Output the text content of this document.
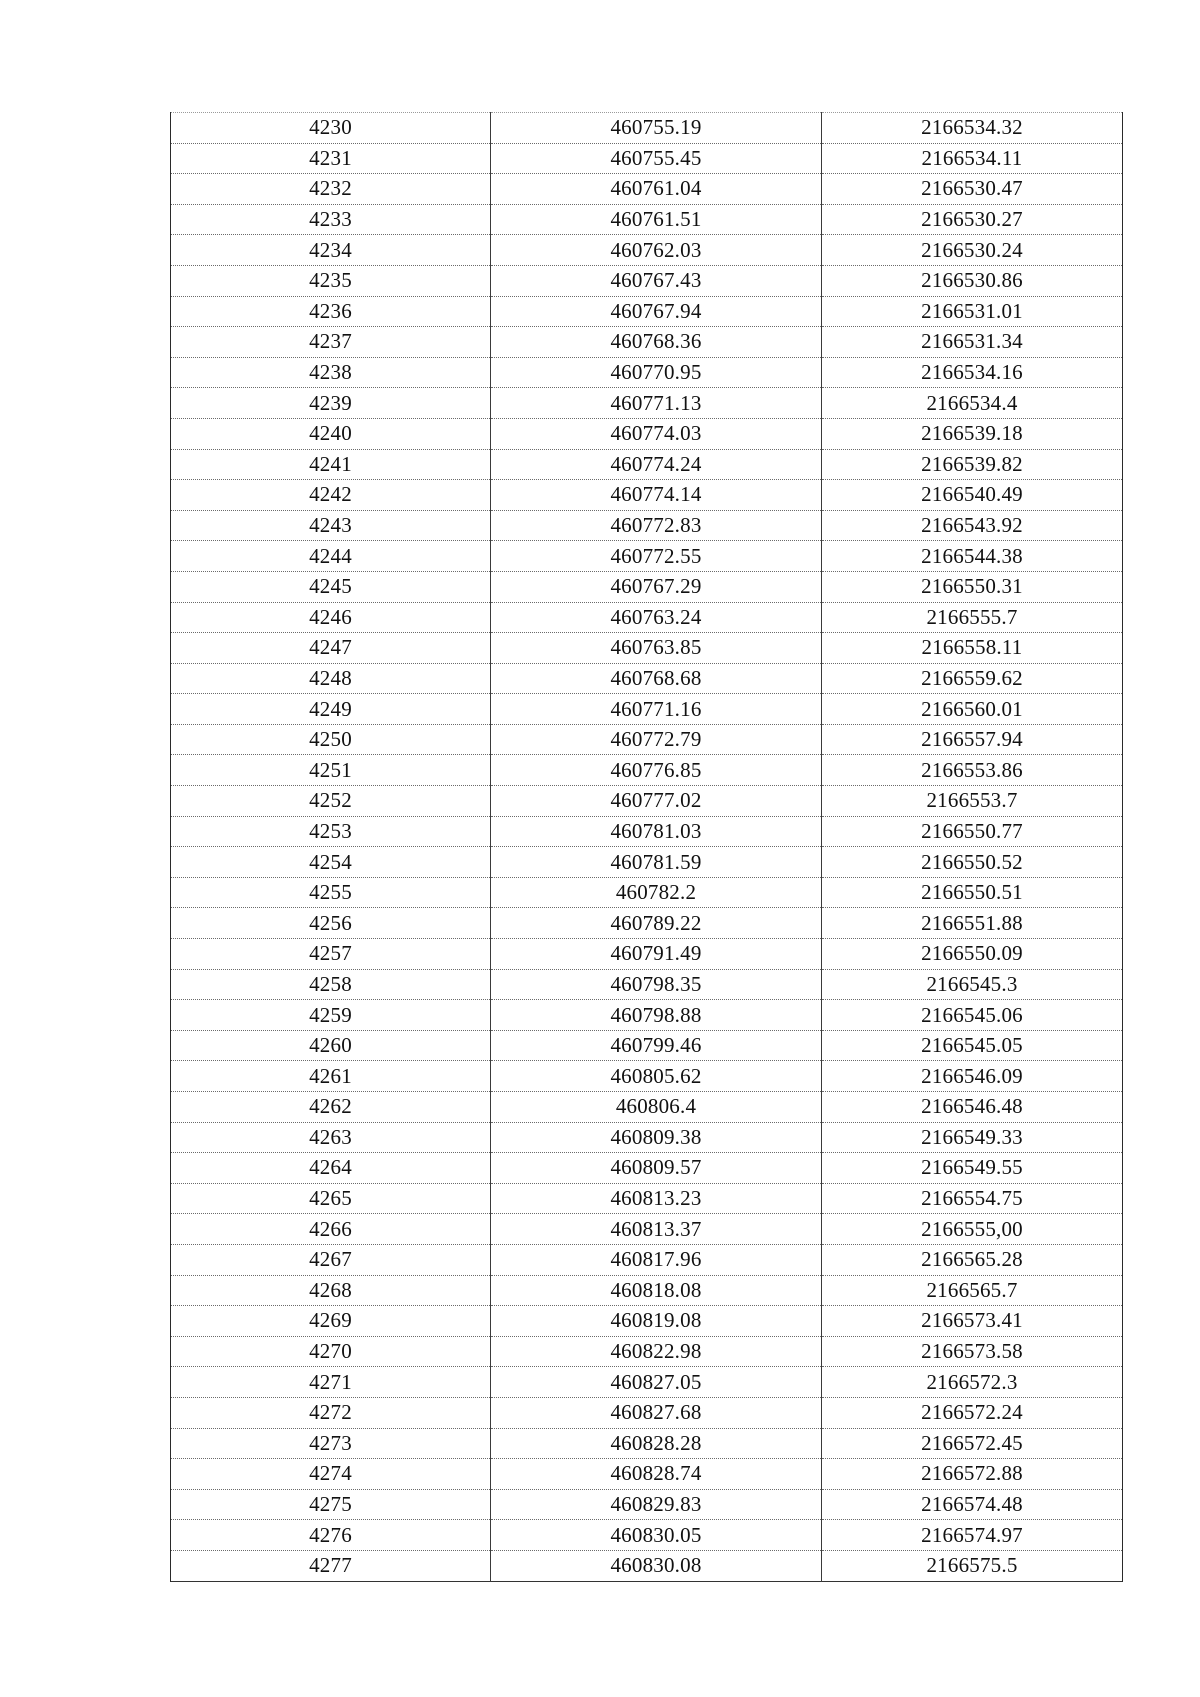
4230	460755.19	2166534.32
4231	460755.45	2166534.11
4232	460761.04	2166530.47
4233	460761.51	2166530.27
4234	460762.03	2166530.24
4235	460767.43	2166530.86
4236	460767.94	2166531.01
4237	460768.36	2166531.34
4238	460770.95	2166534.16
4239	460771.13	2166534.4
4240	460774.03	2166539.18
4241	460774.24	2166539.82
4242	460774.14	2166540.49
4243	460772.83	2166543.92
4244	460772.55	2166544.38
4245	460767.29	2166550.31
4246	460763.24	2166555.7
4247	460763.85	2166558.11
4248	460768.68	2166559.62
4249	460771.16	2166560.01
4250	460772.79	2166557.94
4251	460776.85	2166553.86
4252	460777.02	2166553.7
4253	460781.03	2166550.77
4254	460781.59	2166550.52
4255	460782.2	2166550.51
4256	460789.22	2166551.88
4257	460791.49	2166550.09
4258	460798.35	2166545.3
4259	460798.88	2166545.06
4260	460799.46	2166545.05
4261	460805.62	2166546.09
4262	460806.4	2166546.48
4263	460809.38	2166549.33
4264	460809.57	2166549.55
4265	460813.23	2166554.75
4266	460813.37	2166555,00
4267	460817.96	2166565.28
4268	460818.08	2166565.7
4269	460819.08	2166573.41
4270	460822.98	2166573.58
4271	460827.05	2166572.3
4272	460827.68	2166572.24
4273	460828.28	2166572.45
4274	460828.74	2166572.88
4275	460829.83	2166574.48
4276	460830.05	2166574.97
4277	460830.08	2166575.5
